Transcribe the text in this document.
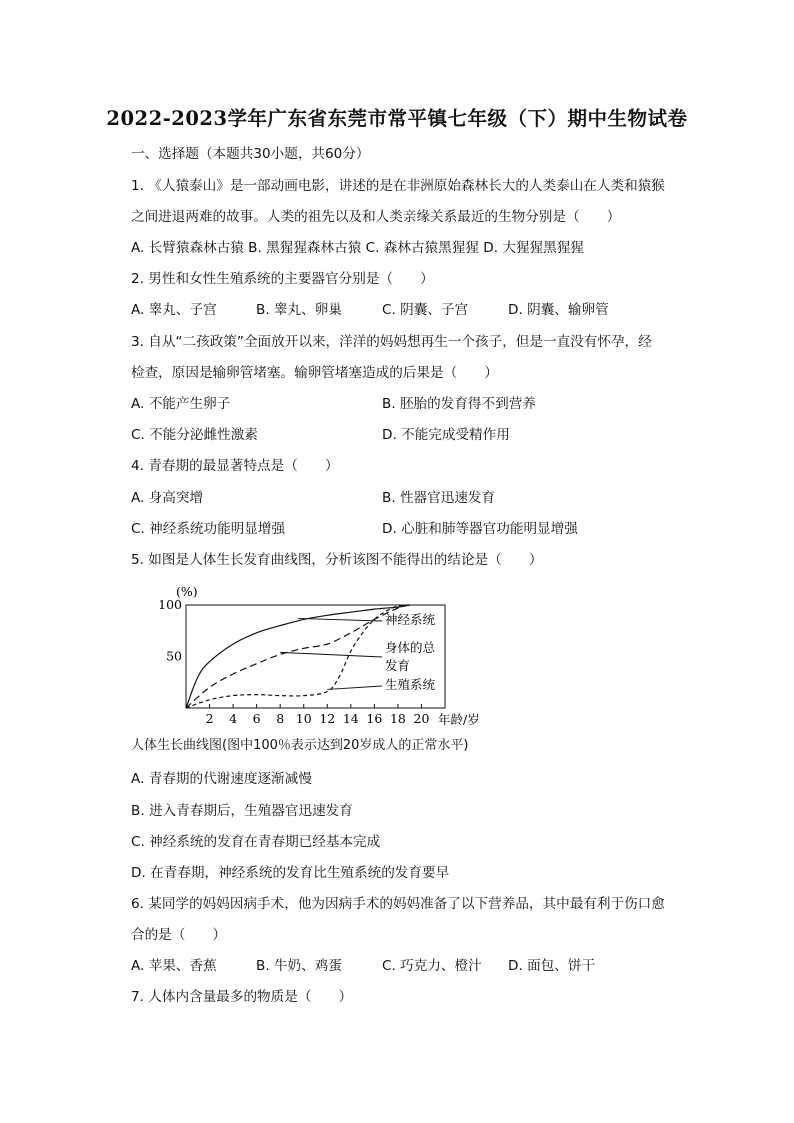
2022-2023学年广东省东莞市常平镇七年级（下）期中生物试卷
一、选择题（本题共30小题，共60分）
1. 《人猿泰山》是一部动画电影，讲述的是在非洲原始森林长大的人类泰山在人类和猿猴
之间进退两难的故事。人类的祖先以及和人类亲缘关系最近的生物分别是（　　）
A. 长臂猿森林古猿 B. 黑猩猩森林古猿 C. 森林古猿黑猩猩 D. 大猩猩黑猩猩
2. 男性和女性生殖系统的主要器官分别是（　　）
A. 睾丸、子宫	B. 睾丸、卵巢	C. 阴囊、子宫	D. 阴囊、输卵管
3. 自从“二孩政策”全面放开以来，洋洋的妈妈想再生一个孩子，但是一直没有怀孕，经
检查，原因是输卵管堵塞。输卵管堵塞造成的后果是（　　）
A. 不能产生卵子	B. 胚胎的发育得不到营养
C. 不能分泌雌性激素	D. 不能完成受精作用
4. 青春期的最显著特点是（　　）
A. 身高突增	B. 性器官迅速发育
C. 神经系统功能明显增强	D. 心脏和肺等器官功能明显增强
5. 如图是人体生长发育曲线图，分析该图不能得出的结论是（　　）
(%)
50
100
2 4 6 8 10 12 14 16 18 20
神经系统
身体的总
发育
生殖系统
年龄/岁
人体生长曲线图(图中100％表示达到20岁成人的正常水平)
A. 青春期的代谢速度逐渐减慢
B. 进入青春期后，生殖器官迅速发育
C. 神经系统的发育在青春期已经基本完成
D. 在青春期，神经系统的发育比生殖系统的发育要早
6. 某同学的妈妈因病手术，他为因病手术的妈妈准备了以下营养品，其中最有利于伤口愈
合的是（　　）
A. 苹果、香蕉	B. 牛奶、鸡蛋	C. 巧克力、橙汁 D. 面包、饼干
7. 人体内含量最多的物质是（　　）
